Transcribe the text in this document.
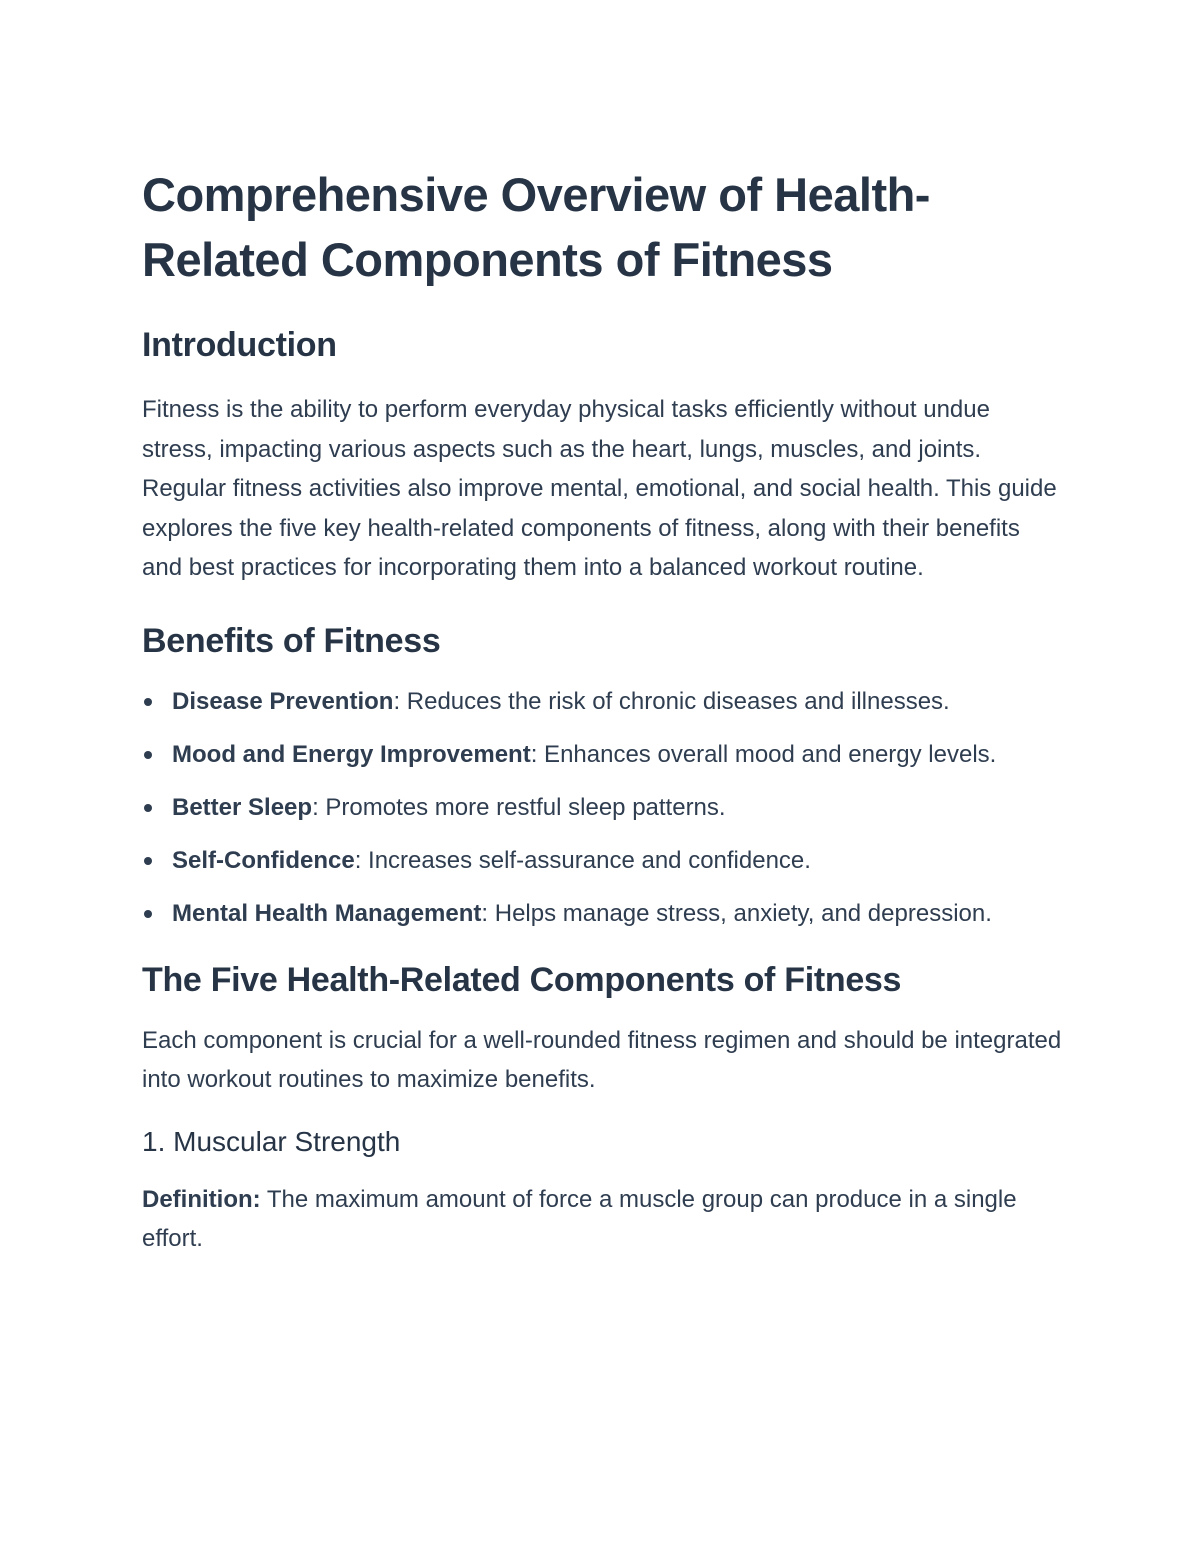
Comprehensive Overview of Health-Related Components of Fitness
Introduction

Fitness is the ability to perform everyday physical tasks efficiently without undue stress, impacting various aspects such as the heart, lungs, muscles, and joints. Regular fitness activities also improve mental, emotional, and social health. This guide explores the five key health-related components of fitness, along with their benefits and best practices for incorporating them into a balanced workout routine.

Benefits of Fitness
Disease Prevention: Reduces the risk of chronic diseases and illnesses.
Mood and Energy Improvement: Enhances overall mood and energy levels.
Better Sleep: Promotes more restful sleep patterns.
Self-Confidence: Increases self-assurance and confidence.
Mental Health Management: Helps manage stress, anxiety, and depression.
The Five Health-Related Components of Fitness

Each component is crucial for a well-rounded fitness regimen and should be integrated into workout routines to maximize benefits.

1. Muscular Strength

Definition: The maximum amount of force a muscle group can produce in a single effort.
